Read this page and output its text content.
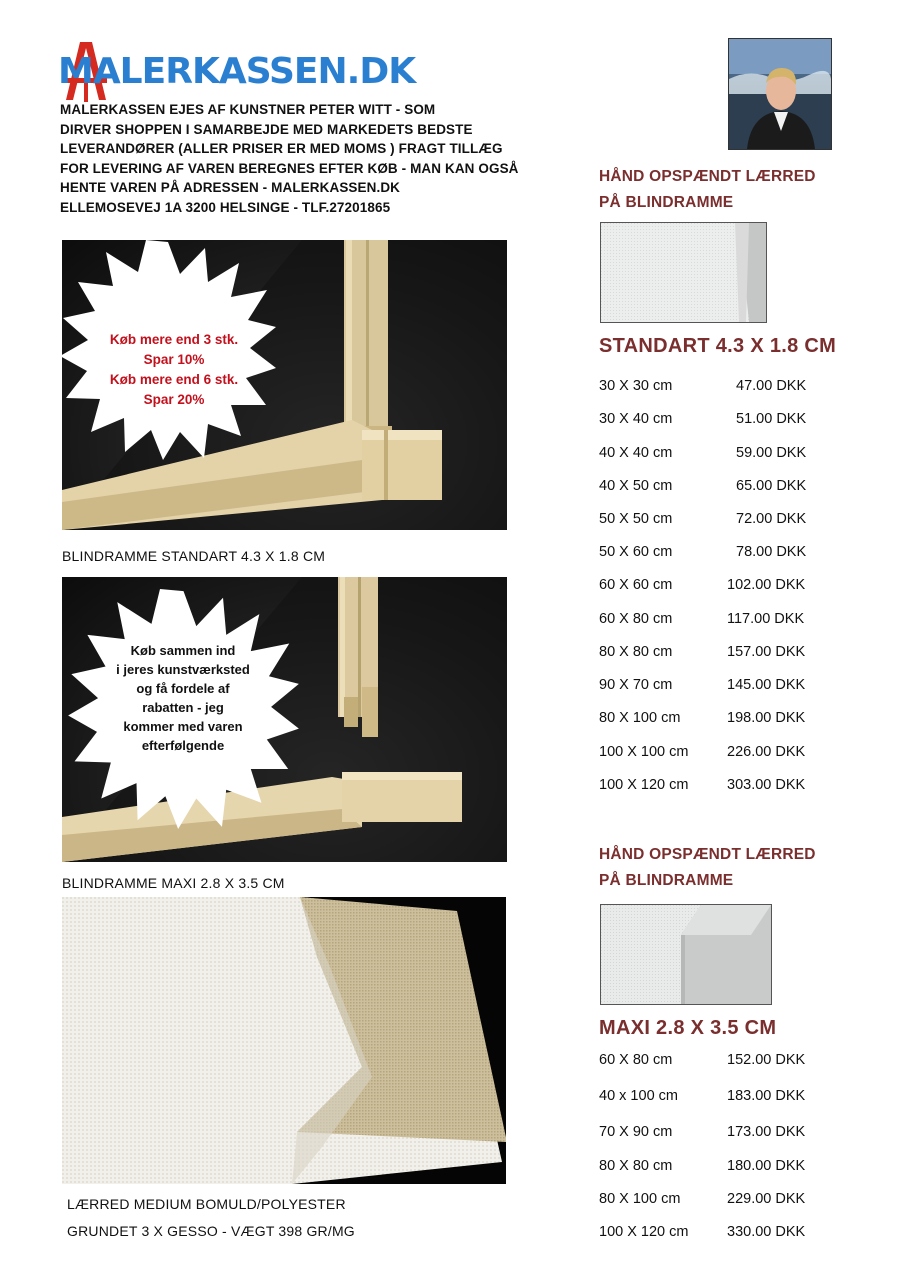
MALERKASSEN.DK
MALERKASSEN EJES AF KUNSTNER PETER WITT - SOM
DIRVER SHOPPEN I SAMARBEJDE MED MARKEDETS BEDSTE
LEVERANDØRER (ALLER PRISER ER MED MOMS ) FRAGT TILLÆG
FOR LEVERING AF VAREN BEREGNES EFTER KØB - MAN KAN OGSÅ
HENTE VAREN PÅ ADRESSEN - MALERKASSEN.DK
ELLEMOSEVEJ 1A 3200 HELSINGE - TLF.27201865
Køb mere end 3 stk.
Spar 10%
Køb mere end 6 stk.
Spar 20%
BLINDRAMME STANDART 4.3 X 1.8 CM
Køb sammen ind
i jeres kunstværksted
og få fordele af
rabatten - jeg
kommer med varen
efterfølgende
BLINDRAMME MAXI 2.8 X 3.5 CM
LÆRRED MEDIUM BOMULD/POLYESTER
GRUNDET 3 X GESSO - VÆGT 398 GR/MG
HÅND OPSPÆNDT LÆRRED
PÅ BLINDRAMME
STANDART 4.3 X 1.8 CM
30 X 30 cm	47.00 DKK
30 X 40 cm	51.00 DKK
40 X 40 cm	59.00 DKK
40 X 50 cm	65.00 DKK
50 X 50 cm	72.00 DKK
50 X 60 cm	78.00 DKK
60 X 60 cm	102.00 DKK
60 X 80 cm	117.00 DKK
80 X 80 cm	157.00 DKK
90 X 70 cm	145.00 DKK
80 X 100 cm	198.00 DKK
100 X 100 cm	226.00 DKK
100 X 120 cm	303.00 DKK
HÅND OPSPÆNDT LÆRRED
PÅ BLINDRAMME
MAXI 2.8 X 3.5 CM
60 X 80 cm	152.00 DKK
40 x 100 cm	183.00 DKK
70 X 90 cm	173.00 DKK
80 X 80 cm	180.00 DKK
80 X 100 cm	229.00 DKK
100 X 120 cm	330.00 DKK
